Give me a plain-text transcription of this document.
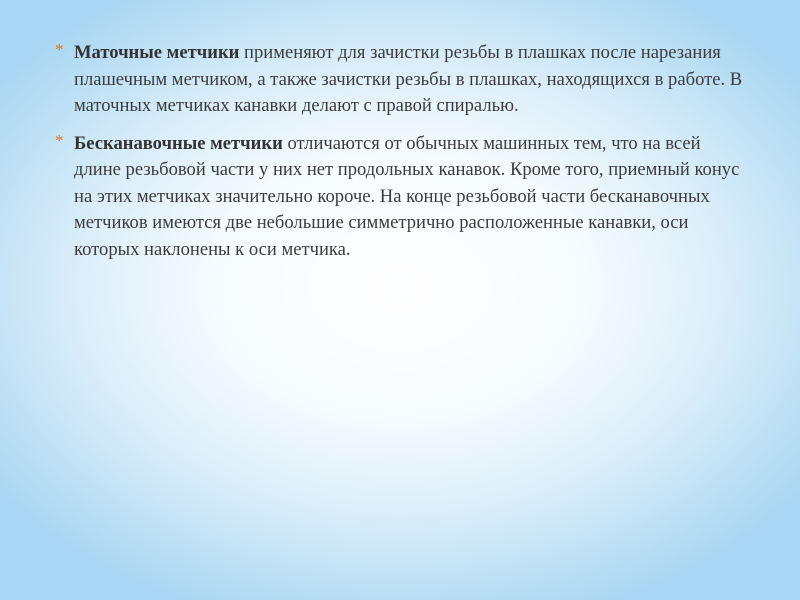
* Маточные метчики применяют для зачистки резьбы в плашках после нарезания плашечным метчиком, а также зачистки резьбы в плашках, находящихся в работе. В маточных метчиках канавки делают с правой спиралью.
* Бесканавочные метчики отличаются от обычных машинных тем, что на всей длине резьбовой части у них нет продольных канавок. Кроме того, приемный конус на этих метчиках значительно короче. На конце резьбовой части бесканавочных метчиков имеются две небольшие симметрично расположенные канавки, оси которых наклонены к оси метчика.
